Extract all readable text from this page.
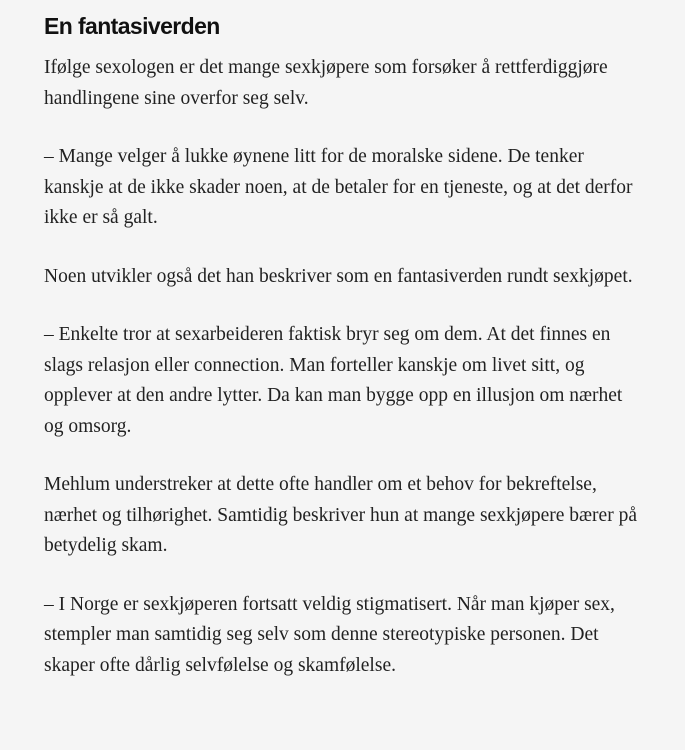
En fantasiverden

Ifølge sexologen er det mange sexkjøpere som forsøker å rettferdiggjøre handlingene sine overfor seg selv.

– Mange velger å lukke øynene litt for de moralske sidene. De tenker kanskje at de ikke skader noen, at de betaler for en tjeneste, og at det derfor ikke er så galt.

Noen utvikler også det han beskriver som en fantasiverden rundt sexkjøpet.

– Enkelte tror at sexarbeideren faktisk bryr seg om dem. At det finnes en slags relasjon eller connection. Man forteller kanskje om livet sitt, og opplever at den andre lytter. Da kan man bygge opp en illusjon om nærhet og omsorg.

Mehlum understreker at dette ofte handler om et behov for bekreftelse, nærhet og tilhørighet. Samtidig beskriver hun at mange sexkjøpere bærer på betydelig skam.

– I Norge er sexkjøperen fortsatt veldig stigmatisert. Når man kjøper sex, stempler man samtidig seg selv som denne stereotypiske personen. Det skaper ofte dårlig selvfølelse og skamfølelse.
